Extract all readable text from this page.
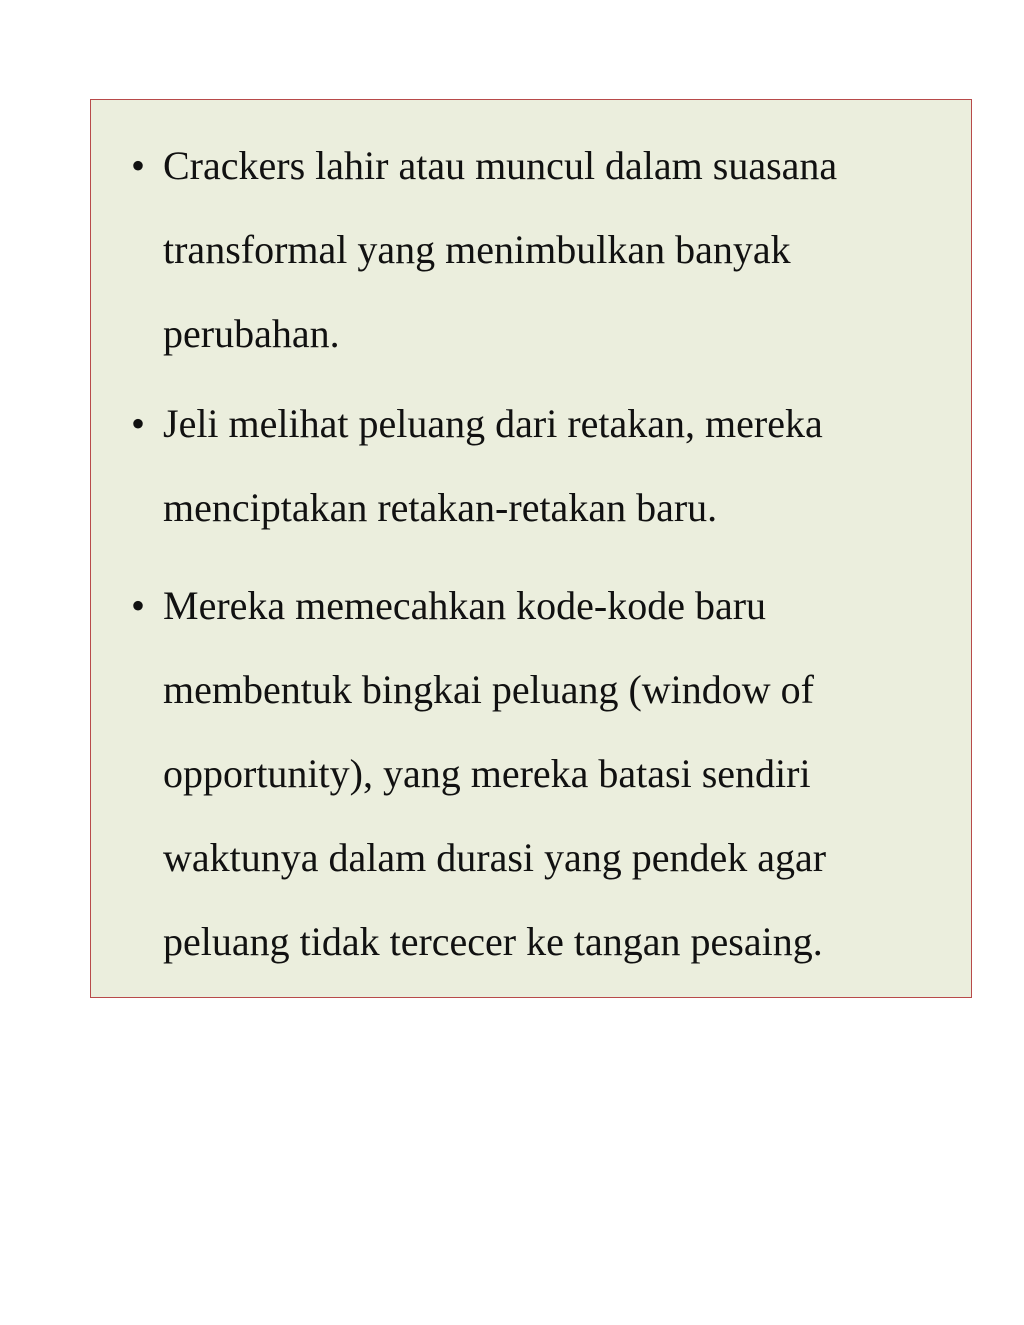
• Crackers lahir atau muncul dalam suasana
transformal yang menimbulkan banyak
perubahan.
• Jeli melihat peluang dari retakan, mereka
menciptakan retakan-retakan baru.
• Mereka memecahkan kode-kode baru
membentuk bingkai peluang (window of
opportunity), yang mereka batasi sendiri
waktunya dalam durasi yang pendek agar
peluang tidak tercecer ke tangan pesaing.
